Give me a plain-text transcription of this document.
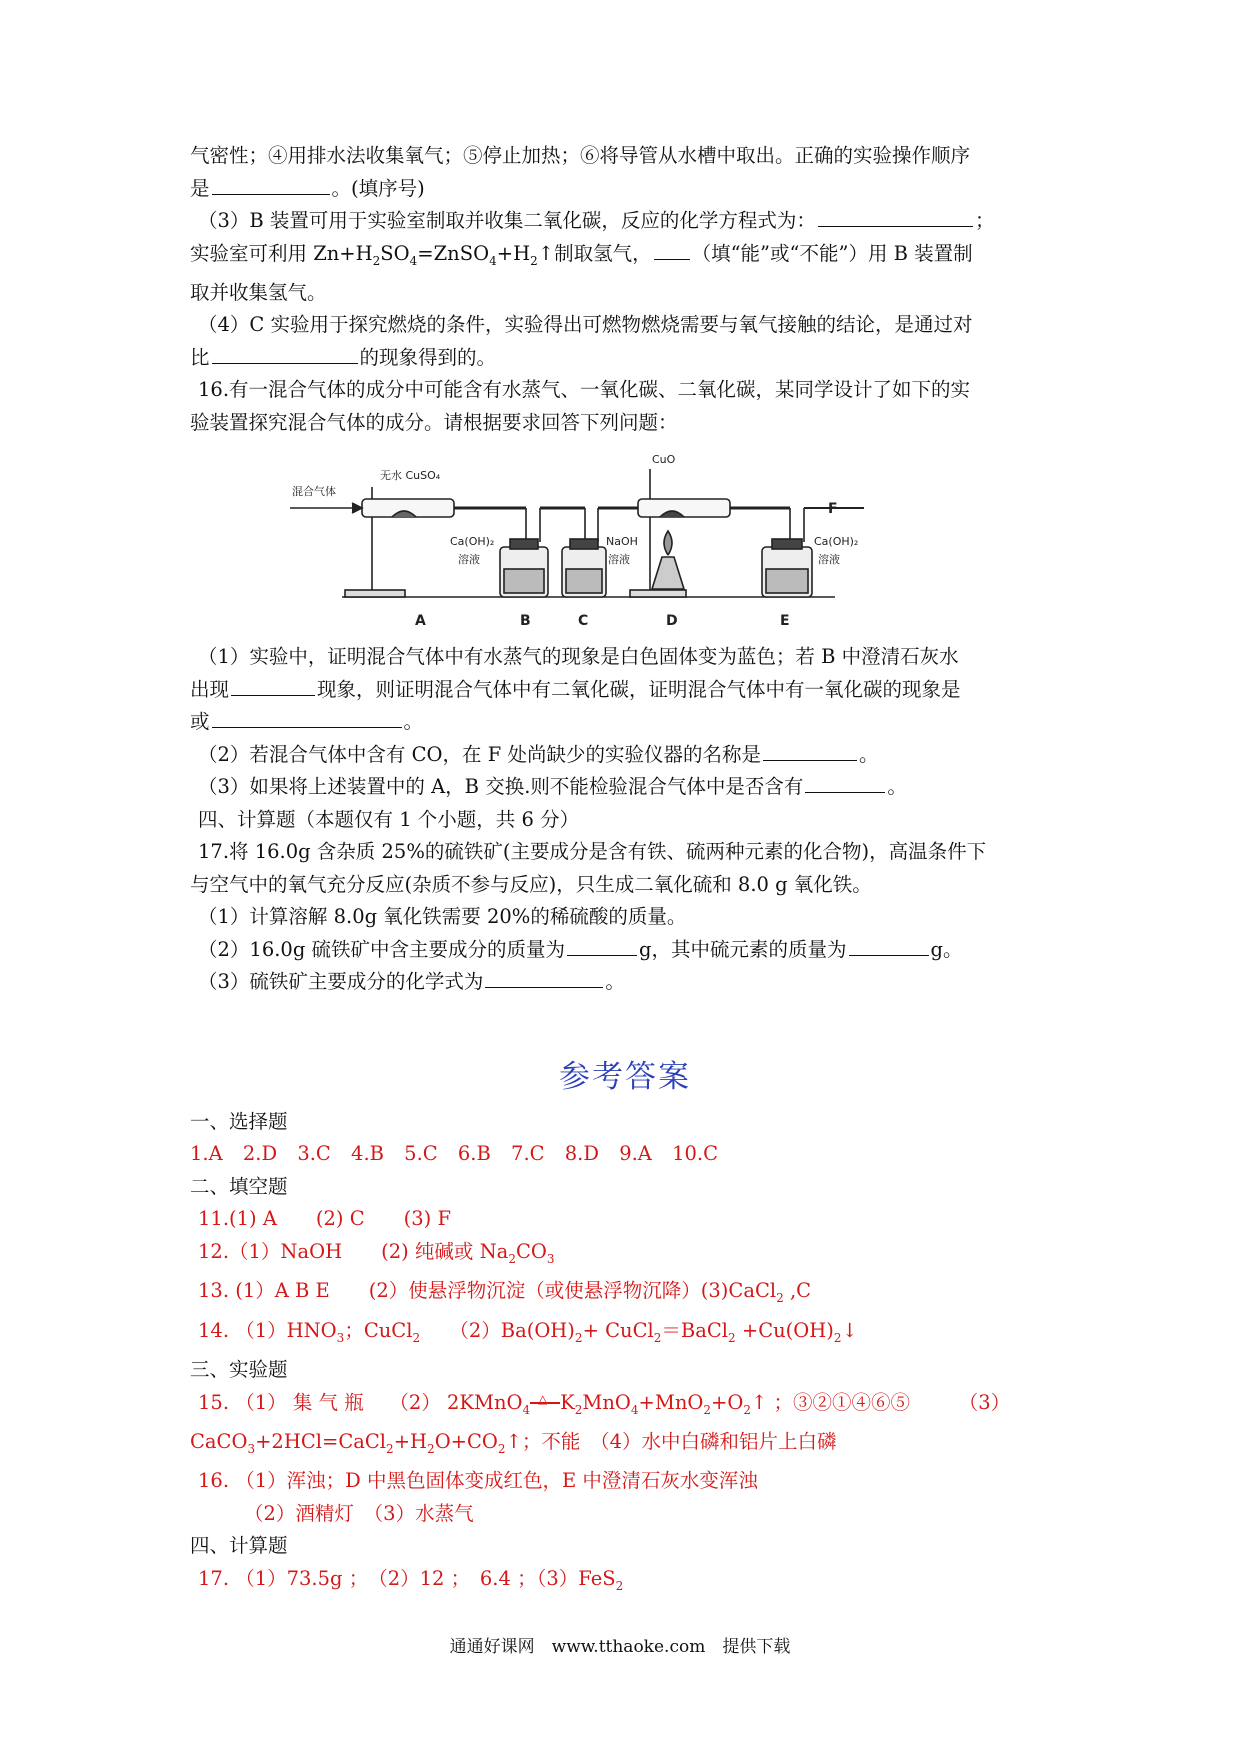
气密性；④用排水法收集氧气；⑤停止加热；⑥将导管从水槽中取出。正确的实验操作顺序
是	。(填序号)
（3）B 装置可用于实验室制取并收集二氧化碳，反应的化学方程式为：	；
实验室可利用 $Zn+H_2SO_4=ZnSO_4+H_2↑$制取氢气， （填“能”或“不能”）用 B 装置制
取并收集氢气。
（4）C 实验用于探究燃烧的条件，实验得出可燃物燃烧需要与氧气接触的结论，是通过对
比	的现象得到的。
16.有一混合气体的成分中可能含有水蒸气、一氧化碳、二氧化碳，某同学设计了如下的实
验装置探究混合气体的成分。请根据要求回答下列问题：
混合气体
无水 CuSO₄
Ca(OH)₂
溶液
NaOH
溶液
CuO
Ca(OH)₂
溶液
F
A	B	C	D	E
（1）实验中，证明混合气体中有水蒸气的现象是白色固体变为蓝色；若 B 中澄清石灰水
出现	现象，则证明混合气体中有二氧化碳，证明混合气体中有一氧化碳的现象是
或	。
（2）若混合气体中含有 CO，在 F 处尚缺少的实验仪器的名称是	。
（3）如果将上述装置中的 A，B 交换.则不能检验混合气体中是否含有	。
四、计算题（本题仅有 1 个小题，共 6 分）
17.将 16.0g 含杂质 25%的硫铁矿(主要成分是含有铁、硫两种元素的化合物)，高温条件下
与空气中的氧气充分反应(杂质不参与反应)，只生成二氧化硫和 8.0 g 氧化铁。
（1）计算溶解 8.0g 氧化铁需要 20%的稀硫酸的质量。
（2）16.0g 硫铁矿中含主要成分的质量为	g，其中硫元素的质量为	g。
（3）硫铁矿主要成分的化学式为	。
参考答案
一、选择题
1.A 2.D 3.C 4.B 5.C 6.B 7.C 8.D 9.A 10.C
二、填空题
11.(1) A　　(2) C　　(3) F
12.（1）NaOH　　(2) 纯碱或 $Na_2CO_3$
13. (1）A B E　　(2）使悬浮物沉淀（或使悬浮物沉降）(3)CaCl$_2$ ,C
14. $(1)HNO_3$；CuCl$_2$　　$(2)Ba(OH)_2+$ CuCl$_2$＝BaCl$_2$ $+Cu(OH)_2↓$
三、实验题
15. （1） 集 气 瓶　 （2） 2KMnO$_4$
△ $K_2MnO_4+MnO_2+O_2↑$ ；③②①④⑥⑤　　　（3）
$CaCO_3+2HCl=CaCl_2+H_2O+CO_2↑$；不能　（4）水中白磷和铝片上白磷
16. （1）浑浊；D 中黑色固体变成红色，E 中澄清石灰水变浑浊
（2）酒精灯　（3）水蒸气
四、计算题
17. （1）73.5g ；　（2）12 ；　6.4 ；（3）FeS$_2$
通通好课网　www.tthaoke.com　提供下载
